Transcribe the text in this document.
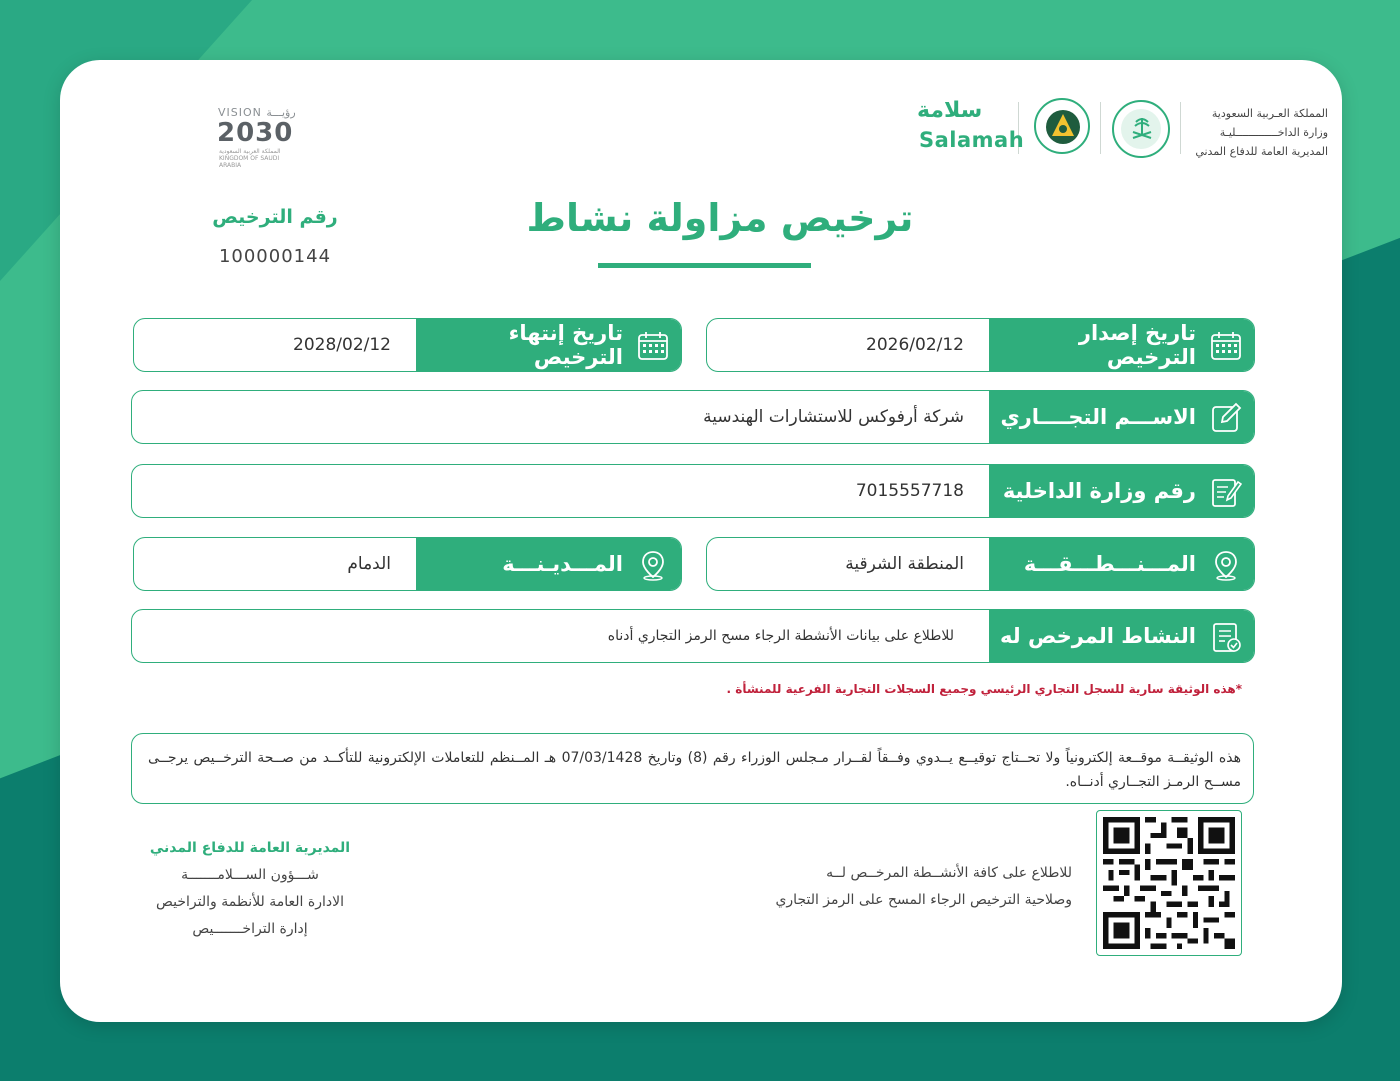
المملكة العـربية السعودية
وزارة الداخـــــــــــــليـة
المديرية العامة للدفاع المدني
سلامة
Salamah
VISION رؤيـــة
2030
المملكة العربية السعودية KINGDOM OF SAUDI ARABIA
ترخيص مزاولة نشاط
رقم الترخيص
100000144
تاريخ إصدار الترخيص
2026/02/12
تاريخ إنتهاء الترخيص
2028/02/12
الاســـم التجــــاري
شركة أرفوكس للاستشارات الهندسية
رقم وزارة الداخلية
7015557718
المـــنـــطـــقـــة
المنطقة الشرقية
المـــديـنـــة
الدمام
النشاط المرخص له
للاطلاع على بيانات الأنشطة الرجاء مسح الرمز التجاري أدناه
*هذه الوثيقة سارية للسجل التجاري الرئيسي وجميع السجلات التجارية الفرعية للمنشأة .
هذه الوثيقــة موقــعة إلكترونياً ولا تحــتاج توقيــع يــدوي وفــقاً لقــرار مـجلس الوزراء رقم (8) وتاريخ 07/03/1428 هـ المــنظم للتعاملات الإلكترونية للتأكــد من صــحة الترخــيص يرجــى مســح الرمـز التجــاري أدنــاه.
للاطلاع على كافة الأنشــطة المرخــص لــه
وصلاحية الترخيص الرجاء المسح على الرمز التجاري
المديرية العامة للدفاع المدني
شـــؤون الســـلامـــــــة
الادارة العامة للأنظمة والتراخيص
إدارة التراخـــــــيص
